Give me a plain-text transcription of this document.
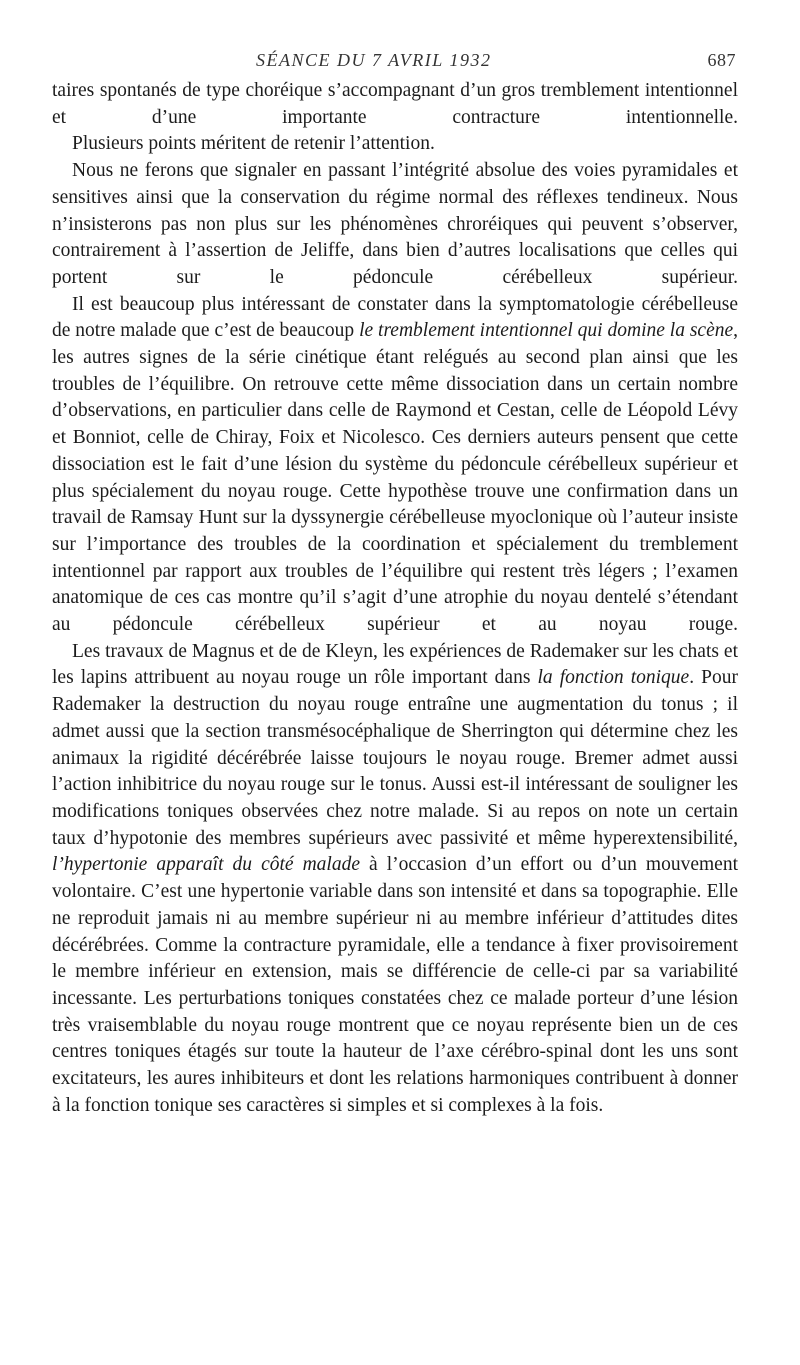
SÉANCE DU 7 AVRIL 1932	687

taires spontanés de type choréique s’accompagnant d’un gros tremblement intentionnel et d’une importante contracture intentionnelle.

Plusieurs points méritent de retenir l’attention.

Nous ne ferons que signaler en passant l’intégrité absolue des voies pyramidales et sensitives ainsi que la conservation du régime normal des réflexes tendineux. Nous n’insisterons pas non plus sur les phénomènes chroréiques qui peuvent s’observer, contrairement à l’assertion de Jeliffe, dans bien d’autres localisations que celles qui portent sur le pédoncule cérébelleux supérieur.

Il est beaucoup plus intéressant de constater dans la symptomatologie cérébelleuse de notre malade que c’est de beaucoup le tremblement intentionnel qui domine la scène, les autres signes de la série cinétique étant relégués au second plan ainsi que les troubles de l’équilibre. On retrouve cette même dissociation dans un certain nombre d’observations, en particulier dans celle de Raymond et Cestan, celle de Léopold Lévy et Bonniot, celle de Chiray, Foix et Nicolesco. Ces derniers auteurs pensent que cette dissociation est le fait d’une lésion du système du pédoncule cérébelleux supérieur et plus spécialement du noyau rouge. Cette hypothèse trouve une confirmation dans un travail de Ramsay Hunt sur la dyssynergie cérébelleuse myoclonique où l’auteur insiste sur l’importance des troubles de la coordination et spécialement du tremblement intentionnel par rapport aux troubles de l’équilibre qui restent très légers ; l’examen anatomique de ces cas montre qu’il s’agit d’une atrophie du noyau dentelé s’étendant au pédoncule cérébelleux supérieur et au noyau rouge.

Les travaux de Magnus et de de Kleyn, les expériences de Rademaker sur les chats et les lapins attribuent au noyau rouge un rôle important dans la fonction tonique. Pour Rademaker la destruction du noyau rouge entraîne une augmentation du tonus ; il admet aussi que la section transmésocéphalique de Sherrington qui détermine chez les animaux la rigidité décérébrée laisse toujours le noyau rouge. Bremer admet aussi l’action inhibitrice du noyau rouge sur le tonus. Aussi est-il intéressant de souligner les modifications toniques observées chez notre malade. Si au repos on note un certain taux d’hypotonie des membres supérieurs avec passivité et même hyperextensibilité, l’hypertonie apparaît du côté malade à l’occasion d’un effort ou d’un mouvement volontaire. C’est une hypertonie variable dans son intensité et dans sa topographie. Elle ne reproduit jamais ni au membre supérieur ni au membre inférieur d’attitudes dites décérébrées. Comme la contracture pyramidale, elle a tendance à fixer provisoirement le membre inférieur en extension, mais se différencie de celle-ci par sa variabilité incessante. Les perturbations toniques constatées chez ce malade porteur d’une lésion très vraisemblable du noyau rouge montrent que ce noyau représente bien un de ces centres toniques étagés sur toute la hauteur de l’axe cérébro-spinal dont les uns sont excitateurs, les aures inhibiteurs et dont les relations harmoniques contribuent à donner à la fonction tonique ses caractères si simples et si complexes à la fois.
